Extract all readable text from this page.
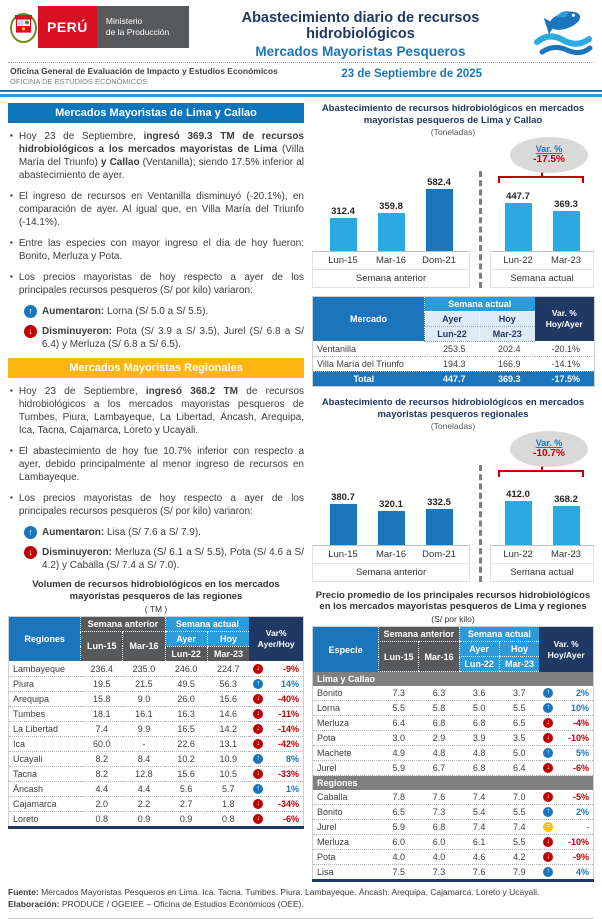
PERÚ Ministerio
de la Producción
Abastecimiento diario de recursos hidrobiológicos
Mercados Mayoristas Pesqueros
Oficina General de Evaluación de Impacto y Estudios Económicos
OFICINA DE ESTUDIOS ECONÓMICOS
23 de Septiembre de 2025
Mercados Mayoristas de Lima y Callao
▪ Hoy 23 de Septiembre, ingresó 369.3 TM de recursos hidrobiológicos a los mercados mayoristas de Lima (Villa María del Triunfo) y Callao (Ventanilla); siendo 17.5% inferior al abastecimiento de ayer.
▪ El ingreso de recursos en Ventanilla disminuyó (-20.1%), en comparación de ayer. Al igual que, en Villa María del Triunfo (-14.1%).
▪ Entre las especies con mayor ingreso el día de hoy fueron: Bonito, Merluza y Pota.
▪ Los precios mayoristas de hoy respecto a ayer de los principales recursos pesqueros (S/ por kilo) variaron:
↑ Aumentaron: Lorna (S/ 5.0 a S/ 5.5).
↓ Disminuyeron: Pota (S/ 3.9 a S/ 3.5), Jurel (S/ 6.8 a S/ 6.4) y Merluza (S/ 6.8 a S/ 6.5).
Mercados Mayoristas Regionales
▪ Hoy 23 de Septiembre, ingresó 368.2 TM de recursos hidrobiológicos a los mercados mayoristas pesqueros de Tumbes, Piura, Lambayeque, La Libertad, Áncash, Arequipa, Ica, Tacna, Cajamarca, Loreto y Ucayali.
▪ El abastecimiento de hoy fue 10.7% inferior con respecto a ayer, debido principalmente al menor ingreso de recursos en Lambayeque.
▪ Los precios mayoristas de hoy respecto a ayer de los principales recursos pesqueros (S/ por kilo) variaron:
↑ Aumentaron: Lisa (S/ 7.6 a S/ 7.9).
↓ Disminuyeron: Merluza (S/ 6.1 a S/ 5.5), Pota (S/ 4.6 a S/ 4.2) y Caballa (S/ 7.4 a S/ 7.0).
Volumen de recursos hidrobiológicos en los mercados mayoristas pesqueros de las regiones
( TM )
Regiones	Semana anterior		Semana actual		Var%
Ayer/Hoy
	Lun-15	Mar-16	Ayer	Hoy	
			Lun-22	Mar-23	
Lambayeque	236.4	235.0	246.0	224.7	↓ -9%

Piura	19.5	21.5	49.5	56.3	↑ 14%

Arequipa	15.8	9.0	26.0	15.6	↓ -40%

Tumbes	18.1	16.1	16.3	14.6	↓ -11%

La Libertad	7.4	9.9	16.5	14.2	↓ -14%

Ica	60.0	-	22.6	13.1	↓ -42%

Ucayali	8.2	8.4	10.2	10.9	↑ 8%

Tacna	8.2	12.8	15.6	10.5	↓ -33%

Áncash	4.4	4.4	5.6	5.7	↑ 1%

Cajamarca	2.0	2.2	2.7	1.8	↓ -34%

Loreto	0.8	0.9	0.9	0.8	↓ -6%
Abastecimiento de recursos hidrobiológicos en mercados mayoristas pesqueros de Lima y Callao
(Toneladas)
Var. %
-17.5%
312.4	359.8
582.4
Lun-15	Mar-16	Dom-21
Semana anterior
447.7
369.3
Lun-22	Mar-23
Semana actual
Mercado	Semana actual		Var. %
Hoy/Ayer
	Ayer	Hoy	
	Lun-22	Mar-23	
Ventanilla	253.5	202.4	-20.1%
Villa María del Triunfo	194.3	166.9	-14.1%
Total	447.7	369.3	-17.5%
Abastecimiento de recursos hidrobiológicos en mercados mayoristas pesqueros regionales
(Toneladas)
Var. %
-10.7%
380.7
320.1	332.5
Lun-15	Mar-16	Dom-21
Semana anterior
412.0	368.2
Lun-22	Mar-23
Semana actual
Precio promedio de los principales recursos hidrobiológicos en los mercados mayoristas pesqueros de Lima y regiones
(S/ por kilo)
Especie	Semana anterior		Semana actual		Var. %
Hoy/Ayer
	Lun-15	Mar-16	Ayer	Hoy	
			Lun-22	Mar-23	
Lima y Callao					
Bonito	7.3	6.3	3.6	3.7	↑ 2%

Lorna	5.5	5.8	5.0	5.5	↑ 10%

Merluza	6.4	6.8	6.8	6.5	↓ -4%

Pota	3.0	2.9	3.9	3.5	↓ -10%

Machete	4.9	4.8	4.8	5.0	↑ 5%

Jurel	5.9	6.7	6.8	6.4	↓ -6%

Regiones					
Caballa	7.8	7.6	7.4	7.0	↓ -5%

Bonito	6.5	7.3	5.4	5.5	↑ 2%

Jurel	5.9	6.8	7.4	7.4	= -

Merluza	6.0	6.0	6.1	5.5	↓ -10%

Pota	4.0	4.0	4.6	4.2	↓ -9%

Lisa	7.5	7.3	7.6	7.9	↑ 4%
Fuente: Mercados Mayoristas Pesqueros en Lima. Ica. Tacna. Tumbes. Piura. Lambayeque. Áncash. Arequipa. Cajamarca. Loreto y Ucayali.
Elaboración: PRODUCE / OGEIEE – Oficina de Estudios Económicos (OEE).
